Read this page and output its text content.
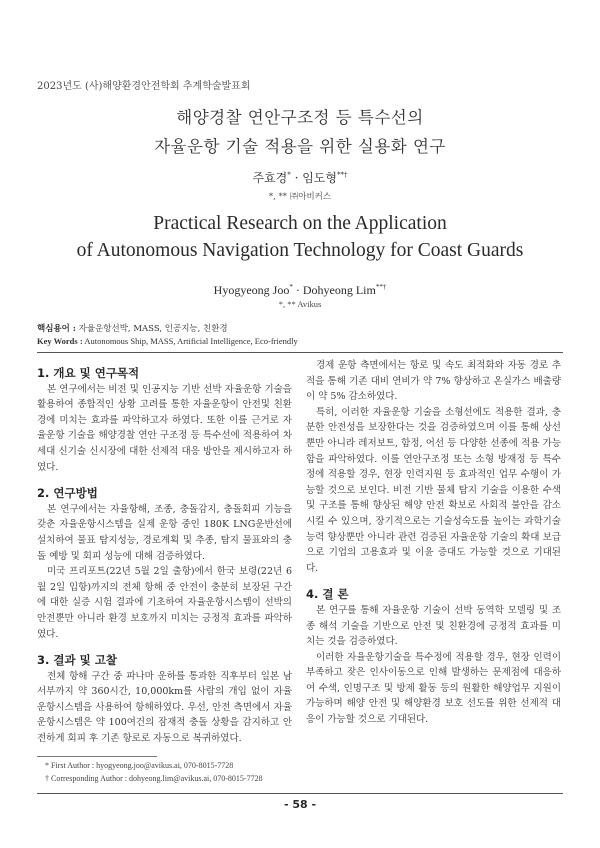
2023년도 (사)해양환경안전학회 추계학술발표회
해양경찰 연안구조정 등 특수선의
자율운항 기술 적용을 위한 실용화 연구
주효경* · 임도형**†
*, ** ㈜아비커스
Practical Research on the Application
of Autonomous Navigation Technology for Coast Guards
Hyogyeong Joo* · Dohyeong Lim**†
*, ** Avikus
핵심용어 : 자율운항선박, MASS, 인공지능, 친환경
Key Words : Autonomous Ship, MASS, Artificial Intelligence, Eco-friendly
1. 개요 및 연구목적

본 연구에서는 비전 및 인공지능 기반 선박 자율운항 기술을 활용하여 종합적인 상황 고려를 통한 자율운항이 안전및 친환경에 미치는 효과를 파악하고자 하였다. 또한 이를 근거로 자율운항 기술을 해양경찰 연안 구조정 등 특수선에 적용하여 차세대 신기술 신시장에 대한 선제적 대응 방안을 제시하고자 하였다.

2. 연구방법

본 연구에서는 자율항해, 조종, 충돌감지, 충돌회피 기능을 갖춘 자율운항시스템을 실제 운항 중인 180K LNG운반선에 설치하여 물표 탐지성능, 경로계획 및 추종, 탐지 물표와의 충돌 예방 및 회피 성능에 대해 검증하였다.

미국 프리포트(22년 5월 2일 출항)에서 한국 보령(22년 6월 2일 입항)까지의 전체 항해 중 안전이 충분히 보장된 구간에 대한 실증 시험 결과에 기초하여 자율운항시스템이 선박의 안전뿐만 아니라 환경 보호까지 미치는 긍정적 효과를 파악하였다.

3. 결과 및 고찰

전체 항해 구간 중 파나마 운하를 통과한 직후부터 일본 남서부까지 약 360시간, 10,000km를 사람의 개입 없이 자율운항시스템을 사용하여 항해하였다. 우선, 안전 측면에서 자율운항시스템은 약 100여건의 잠재적 충돌 상황을 감지하고 안전하게 회피 후 기존 항로로 자동으로 복귀하였다.

경제 운항 측면에서는 항로 및 속도 최적화와 자동 경로 추적을 통해 기존 대비 연비가 약 7% 향상하고 온실가스 배출량이 약 5% 감소하였다.

특히, 이러한 자율운항 기술을 소형선에도 적용한 결과, 충분한 안전성을 보장한다는 것을 검증하였으며 이를 통해 상선뿐만 아니라 레저보트, 함정, 어선 등 다양한 선종에 적용 가능함을 파악하였다. 이를 연안구조정 또는 소형 방재정 등 특수정에 적용할 경우, 현장 인력지원 등 효과적인 업무 수행이 가능할 것으로 보인다. 비전 기반 물체 탐지 기술을 이용한 수색 및 구조를 통해 향상된 해양 안전 확보로 사회적 불안을 감소시킬 수 있으며, 장기적으로는 기술성숙도를 높이는 과학기술 능력 향상뿐만 아니라 관련 검증된 자율운항 기술의 확대 보급으로 기업의 고용효과 및 이윤 증대도 가능할 것으로 기대된다.

4. 결 론

본 연구를 통해 자율운항 기술이 선박 동역학 모델링 및 조종 해석 기술을 기반으로 안전 및 친환경에 긍정적 효과를 미치는 것을 검증하였다.

이러한 자율운항기술을 특수정에 적용할 경우, 현장 인력이 부족하고 잦은 인사이동으로 인해 발생하는 문제점에 대응하여 수색, 인명구조 및 방제 활동 등의 원활한 해양업무 지원이 가능하며 해양 안전 및 해양환경 보호 선도를 위한 선제적 대응이 가능할 것으로 기대된다.

* First Author : hyogyeong.joo@avikus.ai, 070-8015-7728
† Corresponding Author : dohyeong.lim@avikus.ai, 070-8015-7728
- 58 -
